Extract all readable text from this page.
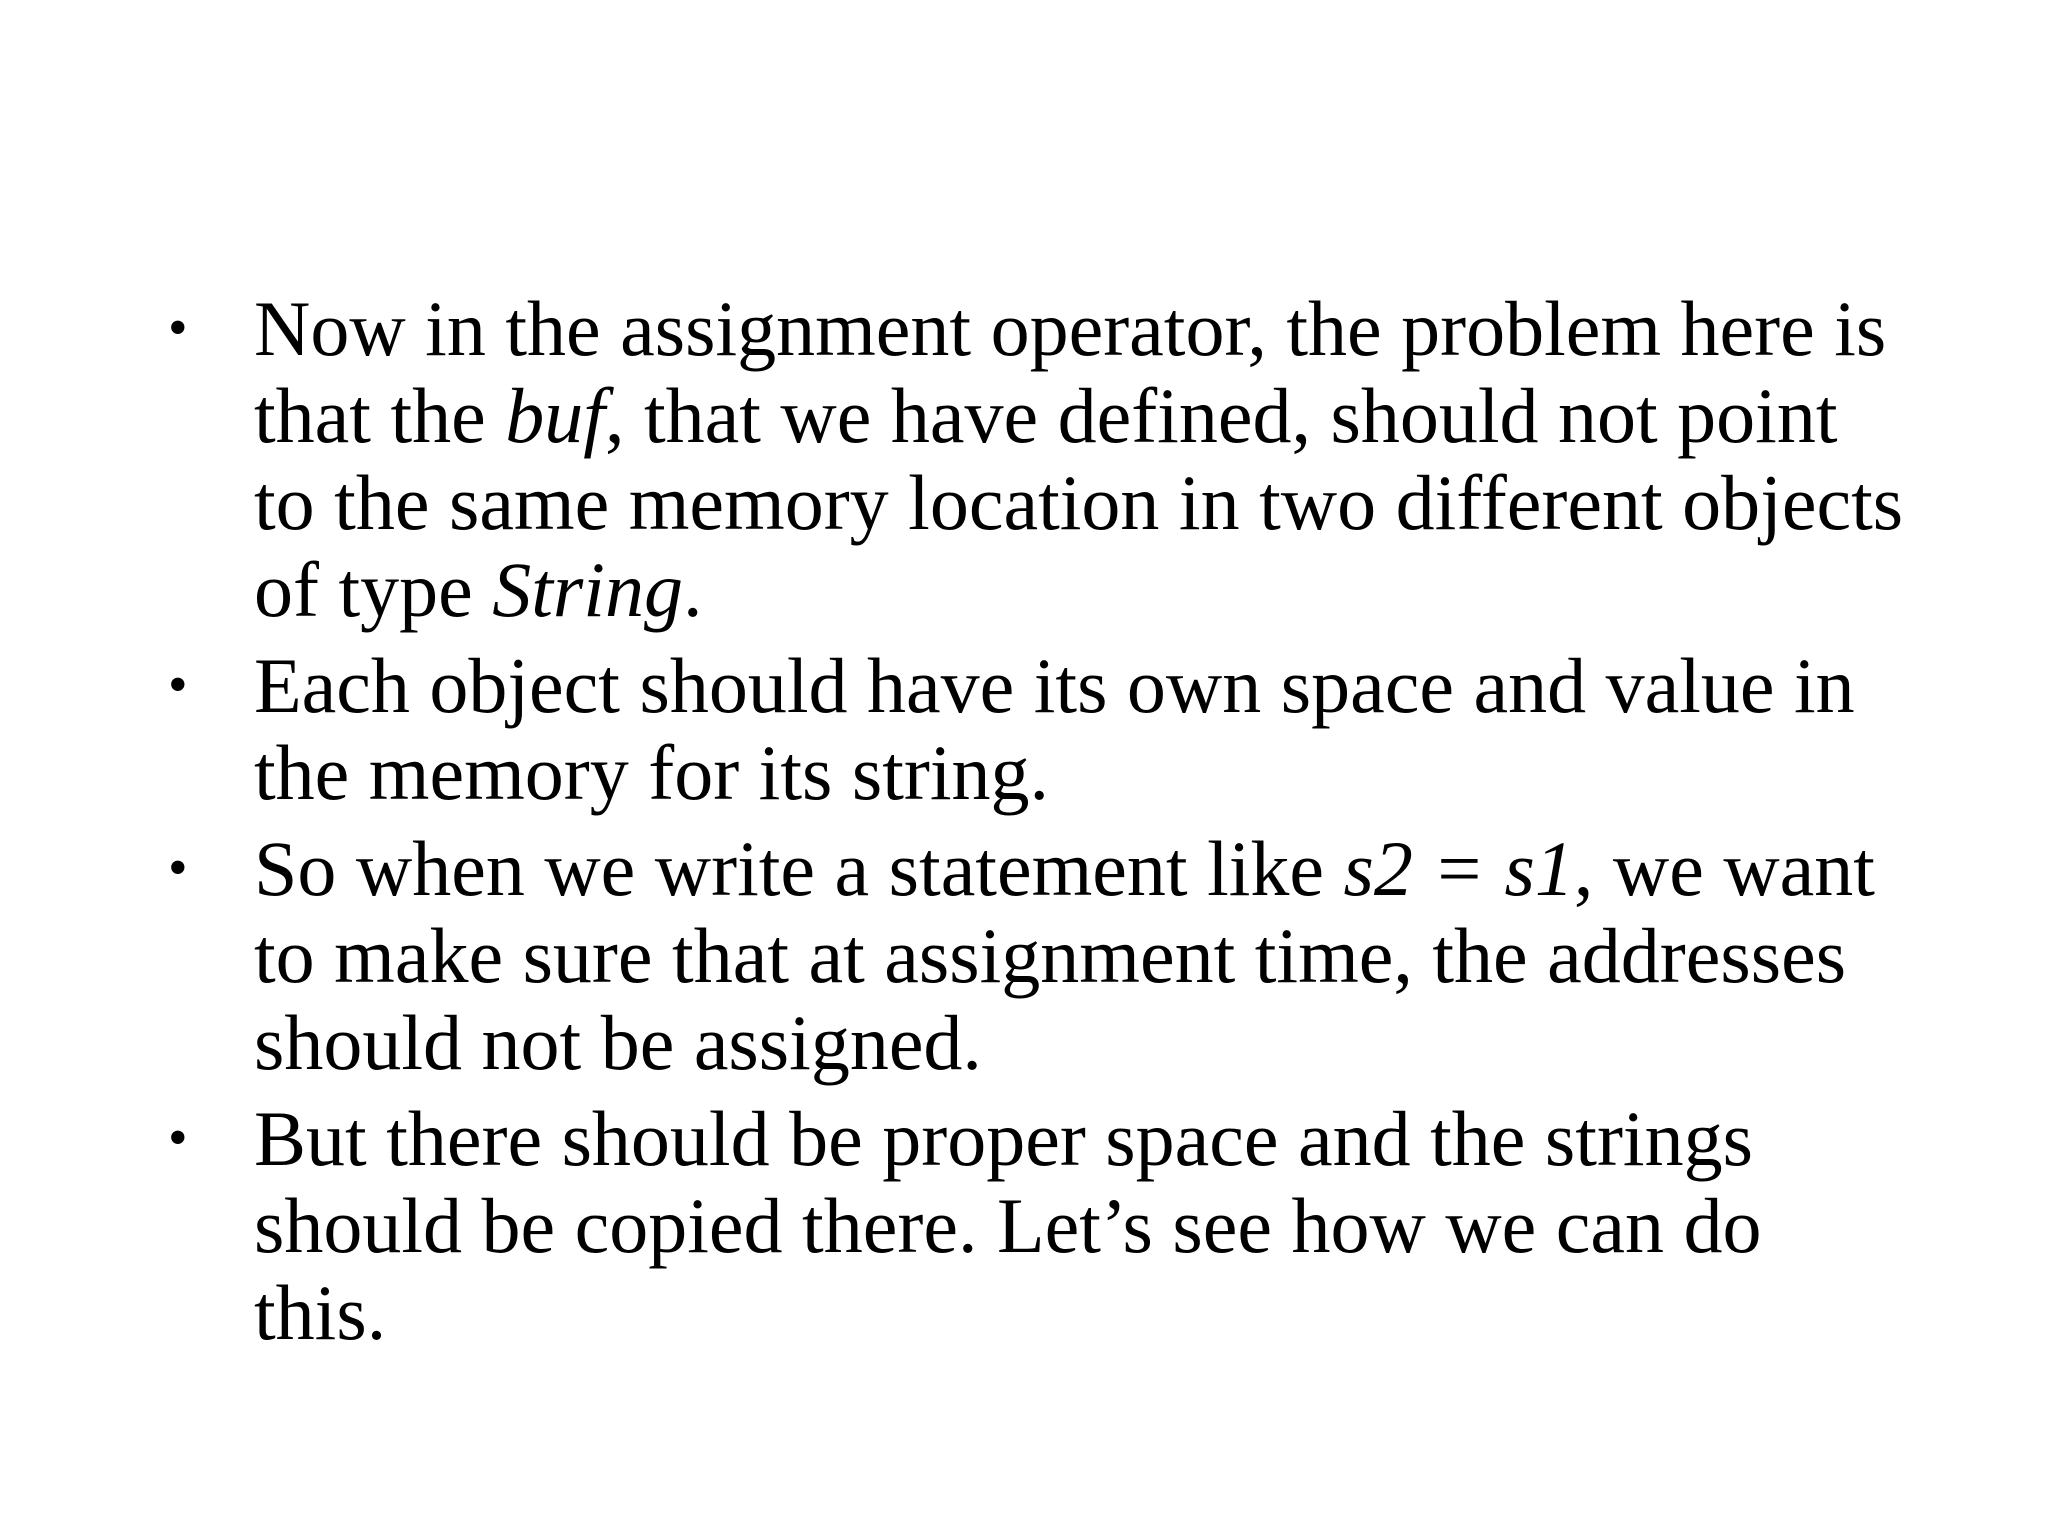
• Now in the assignment operator, the problem here is that the buf, that we have defined, should not point to the same memory location in two different objects of type String.
• Each object should have its own space and value in the memory for its string.
• So when we write a statement like s2 = s1, we want to make sure that at assignment time, the addresses should not be assigned.
• But there should be proper space and the strings should be copied there. Let’s see how we can do this.
